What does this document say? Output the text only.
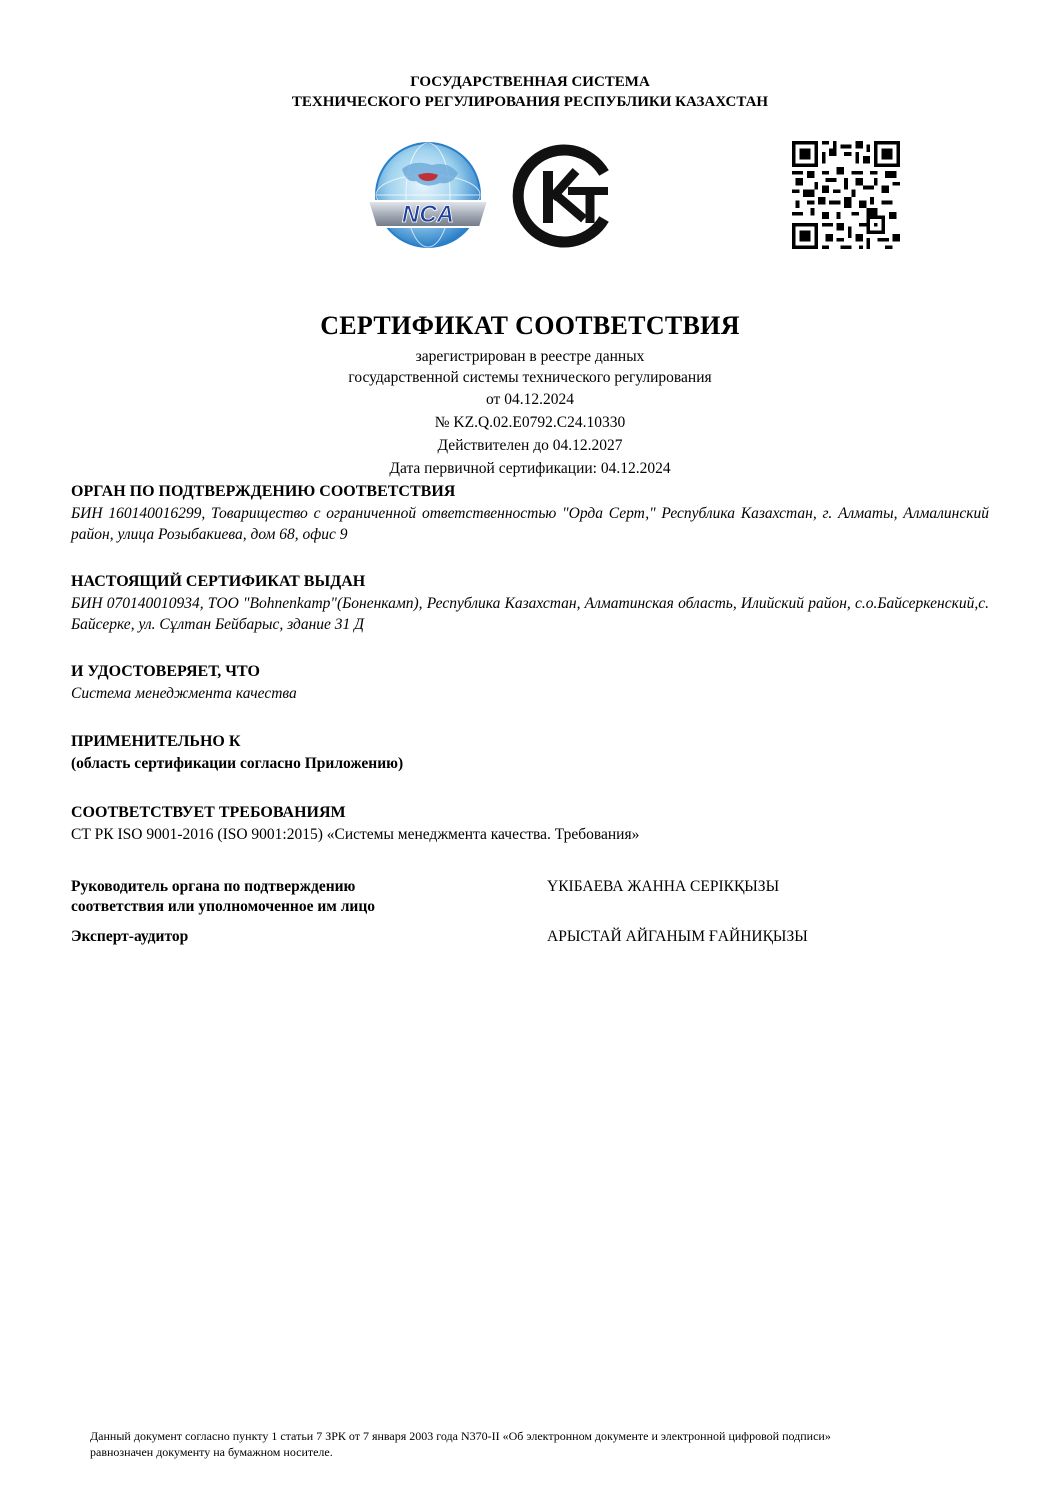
ГОСУДАРСТВЕННАЯ СИСТЕМА
ТЕХНИЧЕСКОГО РЕГУЛИРОВАНИЯ РЕСПУБЛИКИ КАЗАХСТАН
NCA
СЕРТИФИКАТ СООТВЕТСТВИЯ
зарегистрирован в реестре данных
государственной системы технического регулирования
от 04.12.2024
№ KZ.Q.02.E0792.C24.10330
Действителен до 04.12.2027
Дата первичной сертификации: 04.12.2024
ОРГАН ПО ПОДТВЕРЖДЕНИЮ СООТВЕТСТВИЯ
БИН 160140016299, Товарищество с ограниченной ответственностью "Орда Серт," Республика Казахстан, г. Алматы, Алмалинский район, улица Розыбакиева, дом 68, офис 9
НАСТОЯЩИЙ СЕРТИФИКАТ ВЫДАН
БИН 070140010934, ТОО "Bohnenkamp"(Боненкамп), Республика Казахстан, Алматинская область, Илийский район, с.о.Байсеркенский,с. Байсерке, ул. Сұлтан Бейбарыс, здание 31 Д
И УДОСТОВЕРЯЕТ, ЧТО
Система менеджмента качества
ПРИМЕНИТЕЛЬНО К
(область сертификации согласно Приложению)
СООТВЕТСТВУЕТ ТРЕБОВАНИЯМ
СТ РК ISO 9001-2016 (ISO 9001:2015) «Системы менеджмента качества. Требования»
Руководитель органа по подтверждению
соответствия или уполномоченное им лицо
ҮКІБАЕВА ЖАННА СЕРІКҚЫЗЫ
Эксперт-аудитор	АРЫСТАЙ АЙГАНЫМ ҒАЙНИҚЫЗЫ
Данный документ согласно пункту 1 статьи 7 ЗРК от 7 января 2003 года N370-II «Об электронном документе и электронной цифровой подписи»
равнозначен документу на бумажном носителе.
